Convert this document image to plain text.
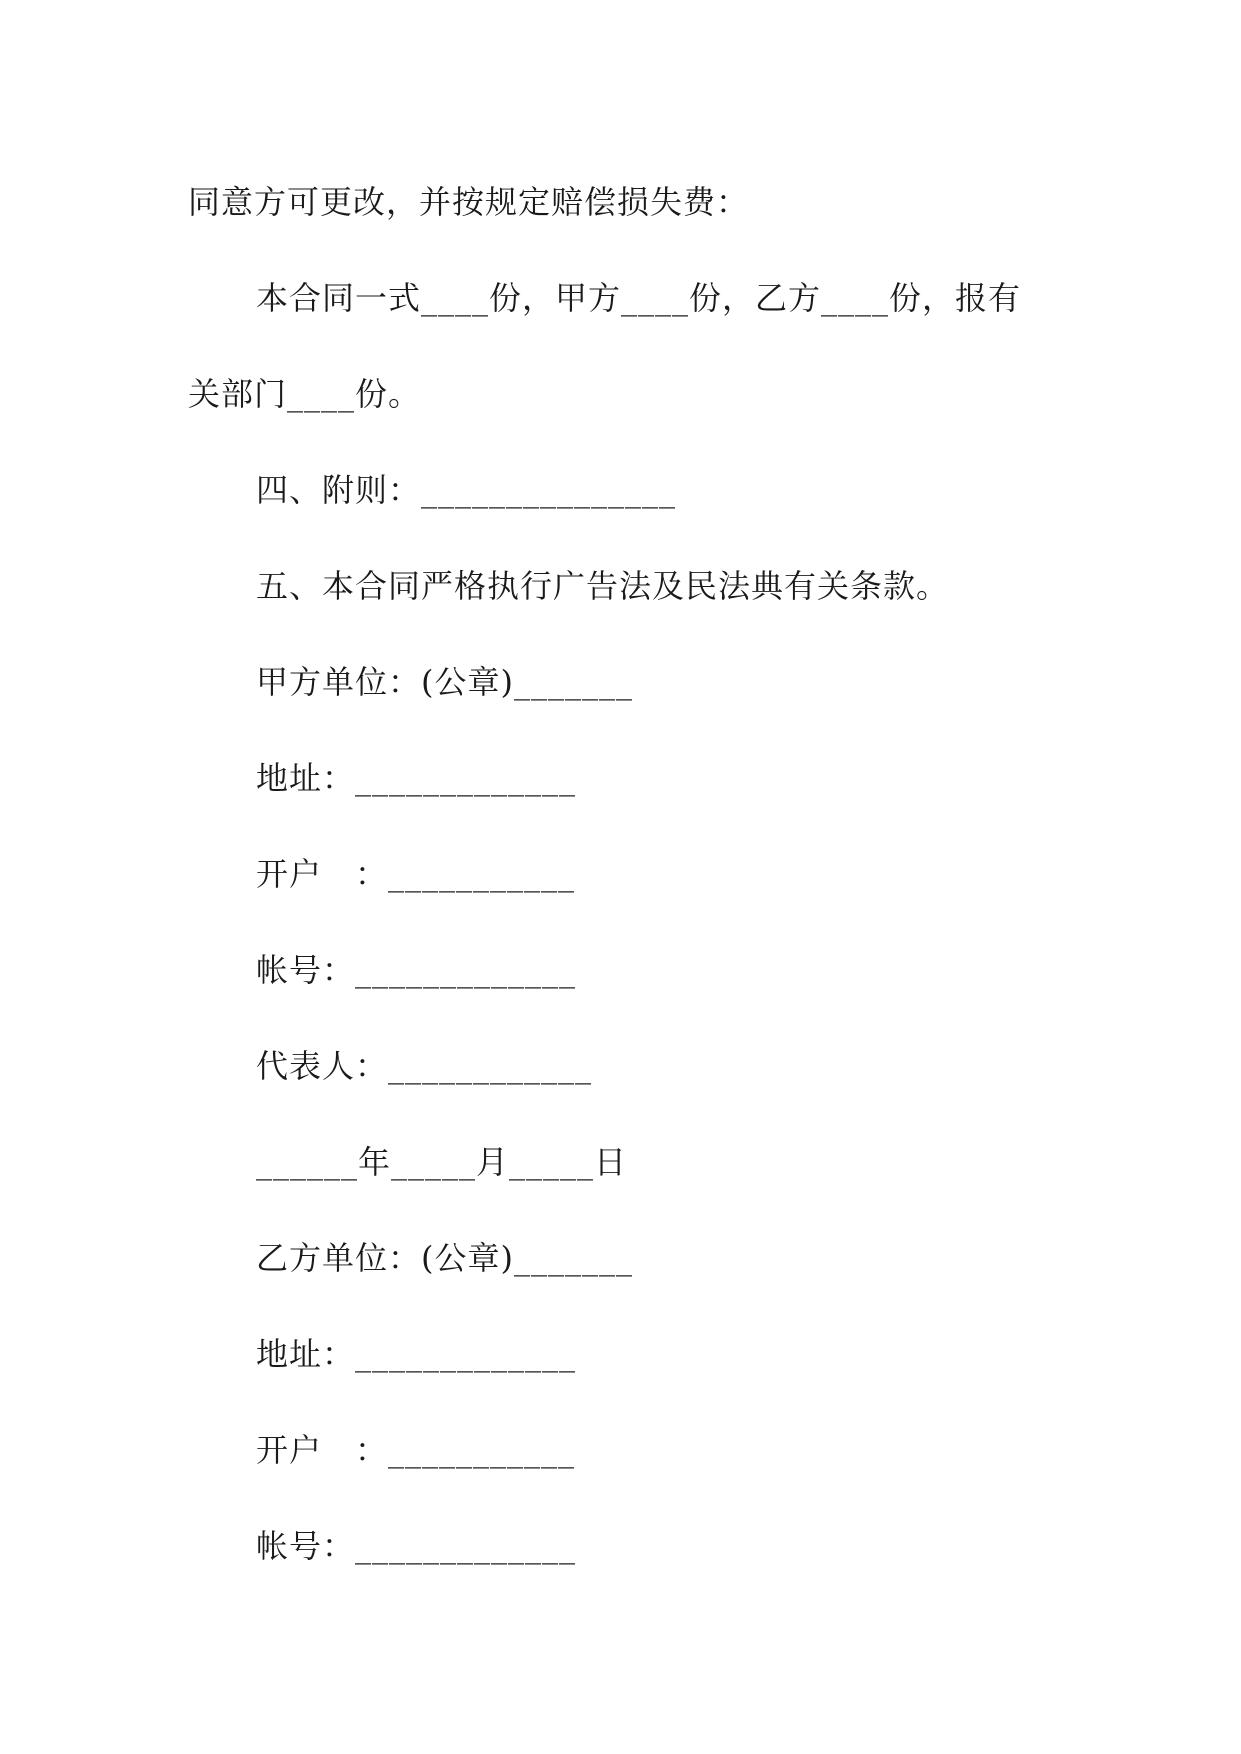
同意方可更改，并按规定赔偿损失费：
本合同一式____份，甲方____份，乙方____份，报有
关部门____份。
四、附则：_______________
五、本合同严格执行广告法及民法典有关条款。
甲方单位：(公章)_______
地址：_____________
开户　：___________
帐号：_____________
代表人：____________
______年_____月_____日
乙方单位：(公章)_______
地址：_____________
开户　：___________
帐号：_____________
